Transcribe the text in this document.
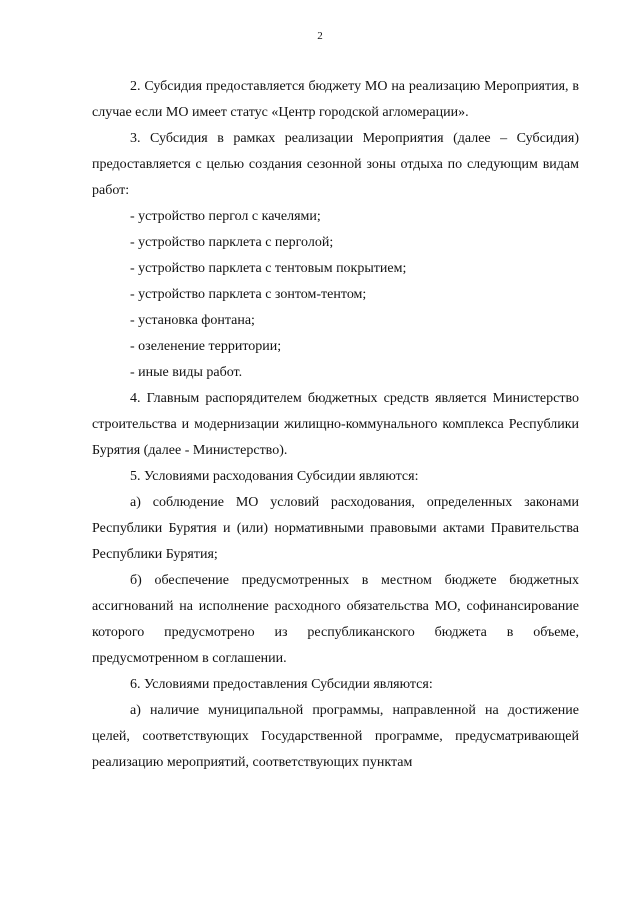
2

2. Субсидия предоставляется бюджету МО на реализацию Мероприятия, в случае если МО имеет статус «Центр городской агломерации».

3. Субсидия в рамках реализации Мероприятия (далее – Субсидия) предоставляется с целью создания сезонной зоны отдыха по следующим видам работ:

- устройство пергол с качелями;

- устройство парклета с перголой;

- устройство парклета с тентовым покрытием;

- устройство парклета с зонтом-тентом;

- установка фонтана;

- озеленение территории;

- иные виды работ.

4. Главным распорядителем бюджетных средств является Министерство строительства и модернизации жилищно-коммунального комплекса Республики Бурятия (далее - Министерство).

5. Условиями расходования Субсидии являются:

а) соблюдение МО условий расходования, определенных законами Республики Бурятия и (или) нормативными правовыми актами Правительства Республики Бурятия;

б) обеспечение предусмотренных в местном бюджете бюджетных ассигнований на исполнение расходного обязательства МО, софинансирование которого предусмотрено из республиканского бюджета в объеме, предусмотренном в соглашении.

6. Условиями предоставления Субсидии являются:

а) наличие муниципальной программы, направленной на достижение целей, соответствующих Государственной программе, предусматривающей реализацию мероприятий, соответствующих пунктам
